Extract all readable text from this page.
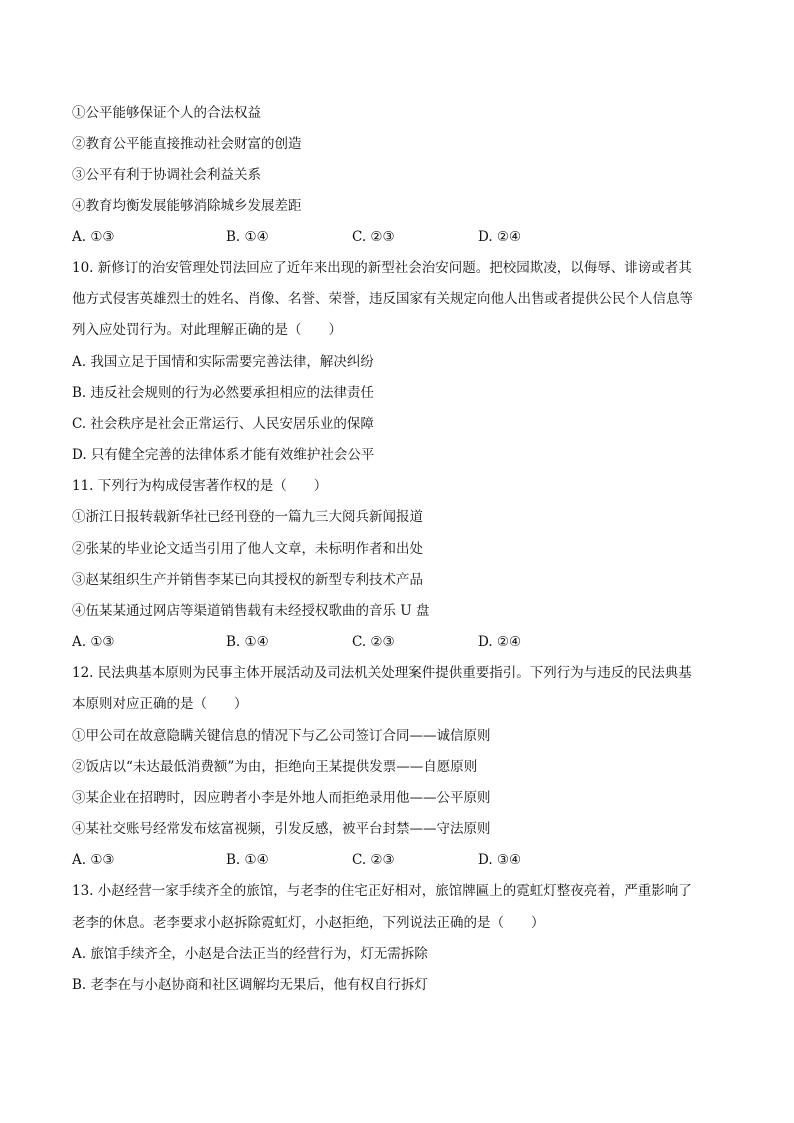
①公平能够保证个人的合法权益
②教育公平能直接推动社会财富的创造
③公平有利于协调社会利益关系
④教育均衡发展能够消除城乡发展差距
A. ①③	B. ①④	C. ②③	D. ②④
10. 新修订的治安管理处罚法回应了近年来出现的新型社会治安问题。把校园欺凌，以侮辱、诽谤或者其
他方式侵害英雄烈士的姓名、肖像、名誉、荣誉，违反国家有关规定向他人出售或者提供公民个人信息等
列入应处罚行为。对此理解正确的是（　　）
A. 我国立足于国情和实际需要完善法律，解决纠纷
B. 违反社会规则的行为必然要承担相应的法律责任
C. 社会秩序是社会正常运行、人民安居乐业的保障
D. 只有健全完善的法律体系才能有效维护社会公平
11. 下列行为构成侵害著作权的是（　　）
①浙江日报转载新华社已经刊登的一篇九三大阅兵新闻报道
②张某的毕业论文适当引用了他人文章，未标明作者和出处
③赵某组织生产并销售李某已向其授权的新型专利技术产品
④伍某某通过网店等渠道销售载有未经授权歌曲的音乐 U 盘
A. ①③	B. ①④	C. ②③	D. ②④
12. 民法典基本原则为民事主体开展活动及司法机关处理案件提供重要指引。下列行为与违反的民法典基
本原则对应正确的是（　　）
①甲公司在故意隐瞒关键信息的情况下与乙公司签订合同——诚信原则
②饭店以“未达最低消费额”为由，拒绝向王某提供发票——自愿原则
③某企业在招聘时，因应聘者小李是外地人而拒绝录用他——公平原则
④某社交账号经常发布炫富视频，引发反感，被平台封禁——守法原则
A. ①③	B. ①④	C. ②③	D. ③④
13. 小赵经营一家手续齐全的旅馆，与老李的住宅正好相对，旅馆牌匾上的霓虹灯整夜亮着，严重影响了
老李的休息。老李要求小赵拆除霓虹灯，小赵拒绝，下列说法正确的是（　　）
A. 旅馆手续齐全，小赵是合法正当的经营行为，灯无需拆除
B. 老李在与小赵协商和社区调解均无果后，他有权自行拆灯
